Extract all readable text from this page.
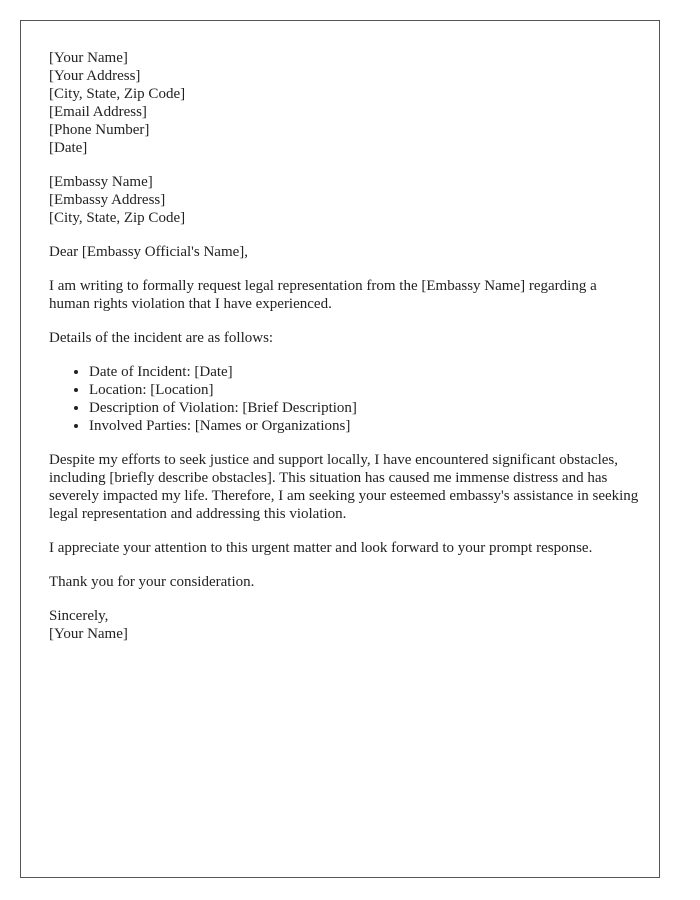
[Your Name]
[Your Address]
[City, State, Zip Code]
[Email Address]
[Phone Number]
[Date]
[Embassy Name]
[Embassy Address]
[City, State, Zip Code]

Dear [Embassy Official's Name],

I am writing to formally request legal representation from the [Embassy Name] regarding a human rights violation that I have experienced.

Details of the incident are as follows:

• Date of Incident: [Date]
• Location: [Location]
• Description of Violation: [Brief Description]
• Involved Parties: [Names or Organizations]

Despite my efforts to seek justice and support locally, I have encountered significant obstacles, including [briefly describe obstacles]. This situation has caused me immense distress and has severely impacted my life. Therefore, I am seeking your esteemed embassy's assistance in seeking legal representation and addressing this violation.

I appreciate your attention to this urgent matter and look forward to your prompt response.

Thank you for your consideration.

Sincerely,
[Your Name]
